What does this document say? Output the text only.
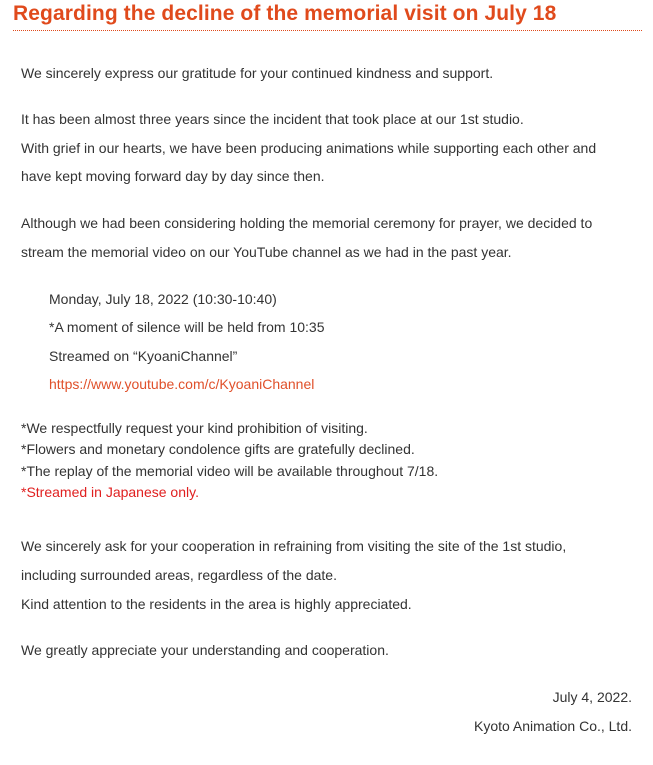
Regarding the decline of the memorial visit on July 18

We sincerely express our gratitude for your continued kindness and support.

It has been almost three years since the incident that took place at our 1st studio.

With grief in our hearts, we have been producing animations while supporting each other and

have kept moving forward day by day since then.

Although we had been considering holding the memorial ceremony for prayer, we decided to

stream the memorial video on our YouTube channel as we had in the past year.

Monday, July 18, 2022 (10:30-10:40)

*A moment of silence will be held from 10:35

Streamed on “KyoaniChannel”

https://www.youtube.com/c/KyoaniChannel

*We respectfully request your kind prohibition of visiting.

*Flowers and monetary condolence gifts are gratefully declined.

*The replay of the memorial video will be available throughout 7/18.

*Streamed in Japanese only.

We sincerely ask for your cooperation in refraining from visiting the site of the 1st studio,

including surrounded areas, regardless of the date.

Kind attention to the residents in the area is highly appreciated.

We greatly appreciate your understanding and cooperation.

July 4, 2022.

Kyoto Animation Co., Ltd.
